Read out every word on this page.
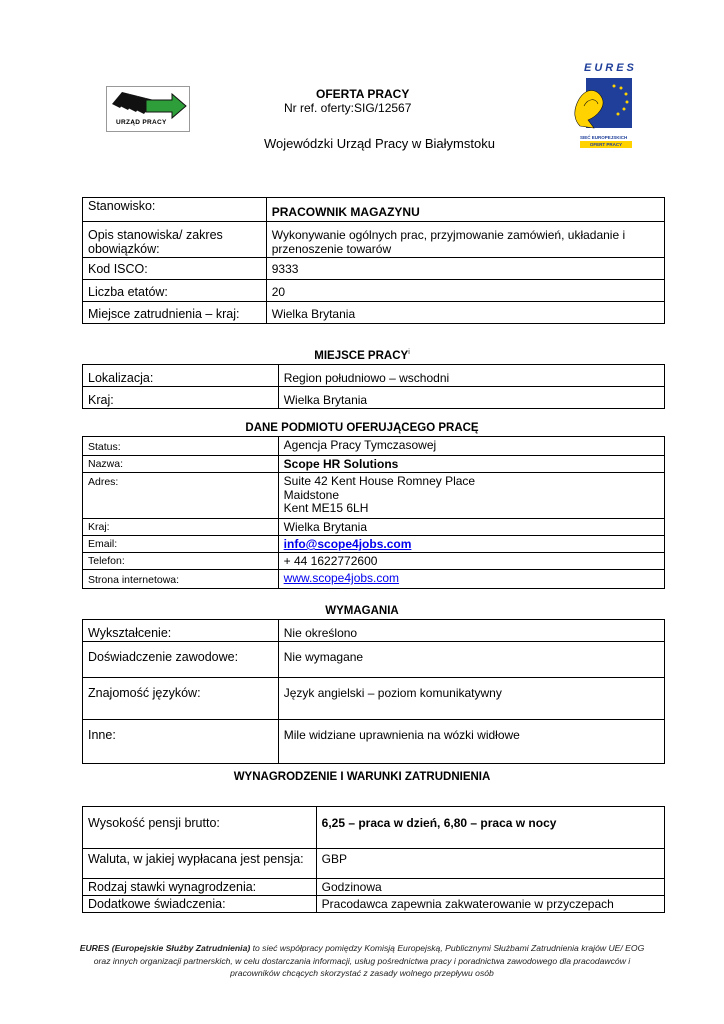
URZĄD PRACY
EURES
SIEĆ EUROPEJSKICH
OFERT PRACY
OFERTA PRACY
Nr ref. oferty:SIG/12567
Wojewódzki Urząd Pracy w Białymstoku
Stanowisko:	PRACOWNIK MAGAZYNU
Opis stanowiska/ zakres obowiązków:	Wykonywanie ogólnych prac, przyjmowanie zamówień, układanie i przenoszenie towarów
Kod ISCO:	9333
Liczba etatów:	20
Miejsce zatrudnienia – kraj:	Wielka Brytania
MIEJSCE PRACY$^i$
Lokalizacja:	Region południowo – wschodni
Kraj:	Wielka Brytania
DANE PODMIOTU OFERUJĄCEGO PRACĘ
Status:	Agencja Pracy Tymczasowej
Nazwa:	Scope HR Solutions
Adres:	Suite 42 Kent House Romney Place
Maidstone
Kent ME15 6LH

Kraj:	Wielka Brytania
Email:	info@scope4jobs.com
Telefon:	+ 44 1622772600
Strona internetowa:	www.scope4jobs.com
WYMAGANIA
Wykształcenie:	Nie określono
Doświadczenie zawodowe:	Nie wymagane
Znajomość języków:	Język angielski – poziom komunikatywny
Inne:	Mile widziane uprawnienia na wózki widłowe
WYNAGRODZENIE I WARUNKI ZATRUDNIENIA
Wysokość pensji brutto:	6,25 – praca w dzień, 6,80 – praca w nocy
Waluta, w jakiej wypłacana jest pensja:	GBP
Rodzaj stawki wynagrodzenia:	Godzinowa
Dodatkowe świadczenia:	Pracodawca zapewnia zakwaterowanie w przyczepach
EURES (Europejskie Służby Zatrudnienia) to sieć współpracy pomiędzy Komisją Europejską, Publicznymi Służbami Zatrudnienia krajów UE/ EOG
oraz innych organizacji partnerskich, w celu dostarczania informacji, usług pośrednictwa pracy i poradnictwa zawodowego dla pracodawców i
pracowników chcących skorzystać z zasady wolnego przepływu osób
